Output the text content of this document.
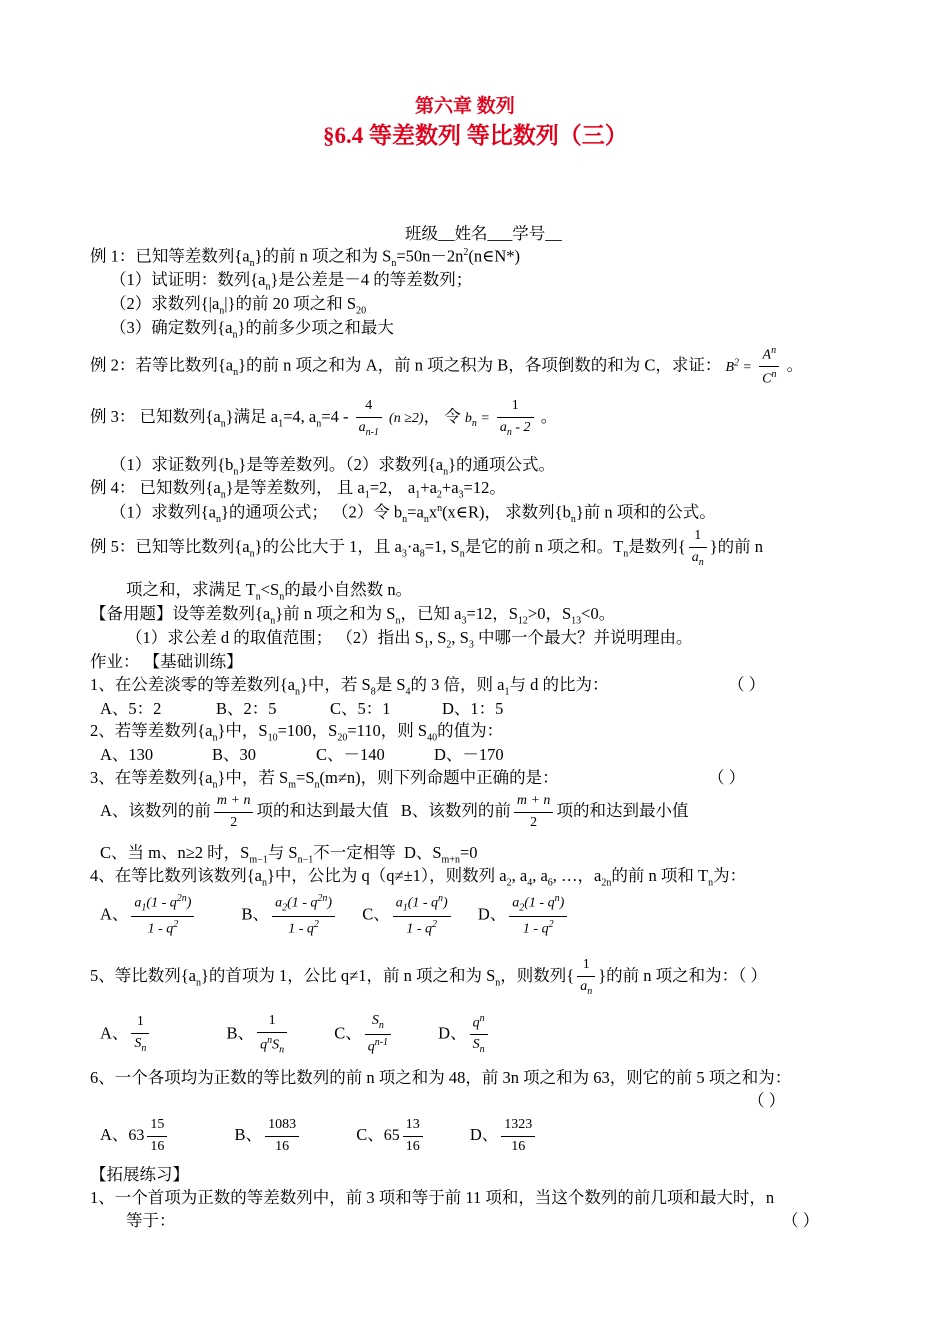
第六章 数列
§6.4 等差数列 等比数列（三）
班级__姓名___学号__
例 1：已知等差数列$\{a_n\}$的前 n 项之和为 $S_n=50n-2n^2(n\in N*)$
（1）试证明：数列$\{a_n\}$是公差是－4 的等差数列；
（2）求数列$\{|a_n|\}$的前 20 项之和 $S_{20}$
（3）确定数列$\{a_n\}$的前多少项之和最大
例 2：若等比数列$\{a_n\}$的前 n 项之和为 A，前 n 项之积为 B，各项倒数的和为 C，求证： $B^2 = \frac{A^n}{C^n}$ 。
例 3： 已知数列$\{a_n\}$满足 $a_1=4$, $a_n=4 - \frac{4}{a_{n-1}} (n \ge 2)$， 令 $b_n = \frac{1}{a_n - 2}$ 。
（1）求证数列$\{b_n\}$是等差数列。（2）求数列$\{a_n\}$的通项公式。
例 4： 已知数列$\{a_n\}$是等差数列， 且 $a_1=2$， $a_1+a_2+a_3=12$。
（1）求数列$\{a_n\}$的通项公式； （2）令 $b_n=a_nx^n(x\in R)$， 求数列$\{b_n\}$前 n 项和的公式。
例 5：已知等比数列$\{a_n\}$的公比大于 1，且 $a_3\cdot a_8=1$, $S_n$是它的前 n 项之和。$T_n$是数列{ $\frac{1}{a_n}$ }的前 n
项之和，求满足 $T_n<S_n$的最小自然数 n。
【备用题】设等差数列$\{a_n\}$前 n 项之和为 $S_n$，已知 $a_3=12$，$S_{12}>0$，$S_{13}<0$。
（1）求公差 d 的取值范围； （2）指出 $S_1$, $S_2$, $S_3$ 中哪一个最大？并说明理由。
作业： 【基础训练】
1、在公差淡零的等差数列$\{a_n\}$中，若 $S_8$是 $S_4$的 3 倍，则 $a_1$与 d 的比为：	（ ）
A、5：2	B、2：5	C、5：1	D、1：5
2、若等差数列$\{a_n\}$中，$S_{10}=100$，$S_{20}=110$，则 $S_{40}$的值为：
A、130	B、30	C、－140	D、－170
3、在等差数列$\{a_n\}$中，若 $S_m=S_n(m\ne n)$，则下列命题中正确的是：	（ ）
A、该数列的前 $\frac{m + n}{2}$ 项的和达到最大值 B、该数列的前 $\frac{m + n}{2}$ 项的和达到最小值
C、当 m、n≥2 时，$S_{m-1}$与 $S_{n-1}$不一定相等 D、$S_{m+n}=0$
4、在等比数列该数列$\{a_n\}$中，公比为 q（q≠±1），则数列 $a_2$, $a_4$, $a_6$, …，$a_{2n}$的前 n 项和 $T_n$为：
A、 $\frac{a_1(1 - q^{2n})}{1 - q^2}$	B、 $\frac{a_2(1 - q^{2n})}{1 - q^2}$ C、 $\frac{a_1(1 - q^n)}{1 - q^2}$ D、 $\frac{a_2(1 - q^n)}{1 - q^2}$
5、等比数列$\{a_n\}$的首项为 1，公比 q≠1，前 n 项之和为 $S_n$，则数列{ $\frac{1}{a_n}$ }的前 n 项之和为：（ ）
A、 $\frac{1}{S_n}$	B、 $\frac{1}{q^nS_n}$	C、 $\frac{S_n}{q^{n-1}}$	D、 $\frac{q^n}{S_n}$
6、一个各项均为正数的等比数列的前 n 项之和为 48，前 3n 项之和为 63，则它的前 5 项之和为：
（ ）
A、$63 \frac{15}{16}$	B、 $\frac{1083}{16}$	C、$65 \frac{13}{16}$	D、 $\frac{1323}{16}$
【拓展练习】
1、一个首项为正数的等差数列中，前 3 项和等于前 11 项和，当这个数列的前几项和最大时，n
等于：	（ ）
